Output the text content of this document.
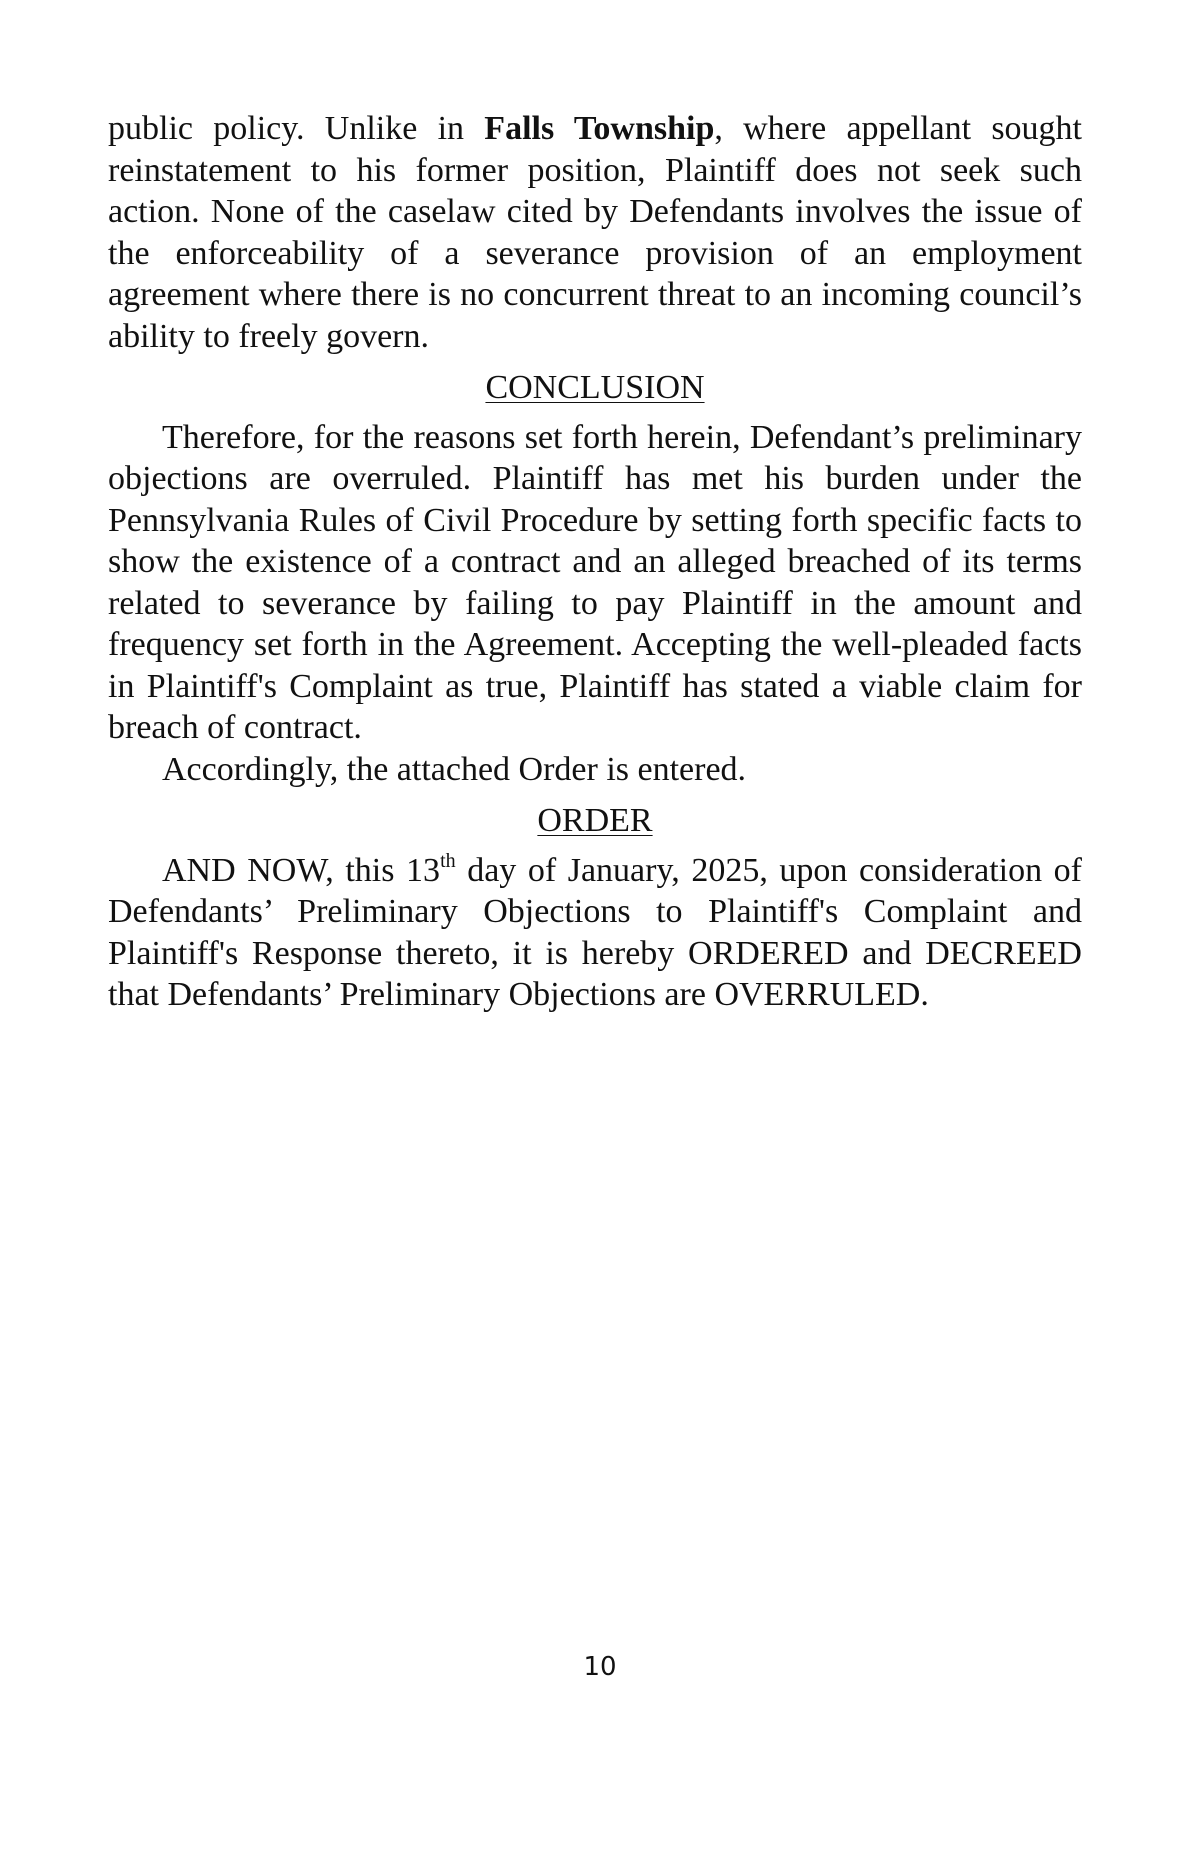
public policy. Unlike in Falls Township, where appellant sought reinstatement to his former position, Plaintiff does not seek such action. None of the caselaw cited by Defendants involves the issue of the enforceability of a severance provision of an employment agreement where there is no concurrent threat to an incoming council’s ability to freely govern.

CONCLUSION

Therefore, for the reasons set forth herein, Defendant’s preliminary objections are overruled. Plaintiff has met his burden under the Pennsylvania Rules of Civil Procedure by setting forth specific facts to show the existence of a contract and an alleged breached of its terms related to severance by failing to pay Plaintiff in the amount and frequency set forth in the Agreement. Accepting the well-pleaded facts in Plaintiff's Complaint as true, Plaintiff has stated a viable claim for breach of contract.

Accordingly, the attached Order is entered.

ORDER

AND NOW, this 13th day of January, 2025, upon consideration of Defendants’ Preliminary Objections to Plaintiff's Complaint and Plaintiff's Response thereto, it is hereby ORDERED and DECREED that Defendants’ Preliminary Objections are OVERRULED.

10
